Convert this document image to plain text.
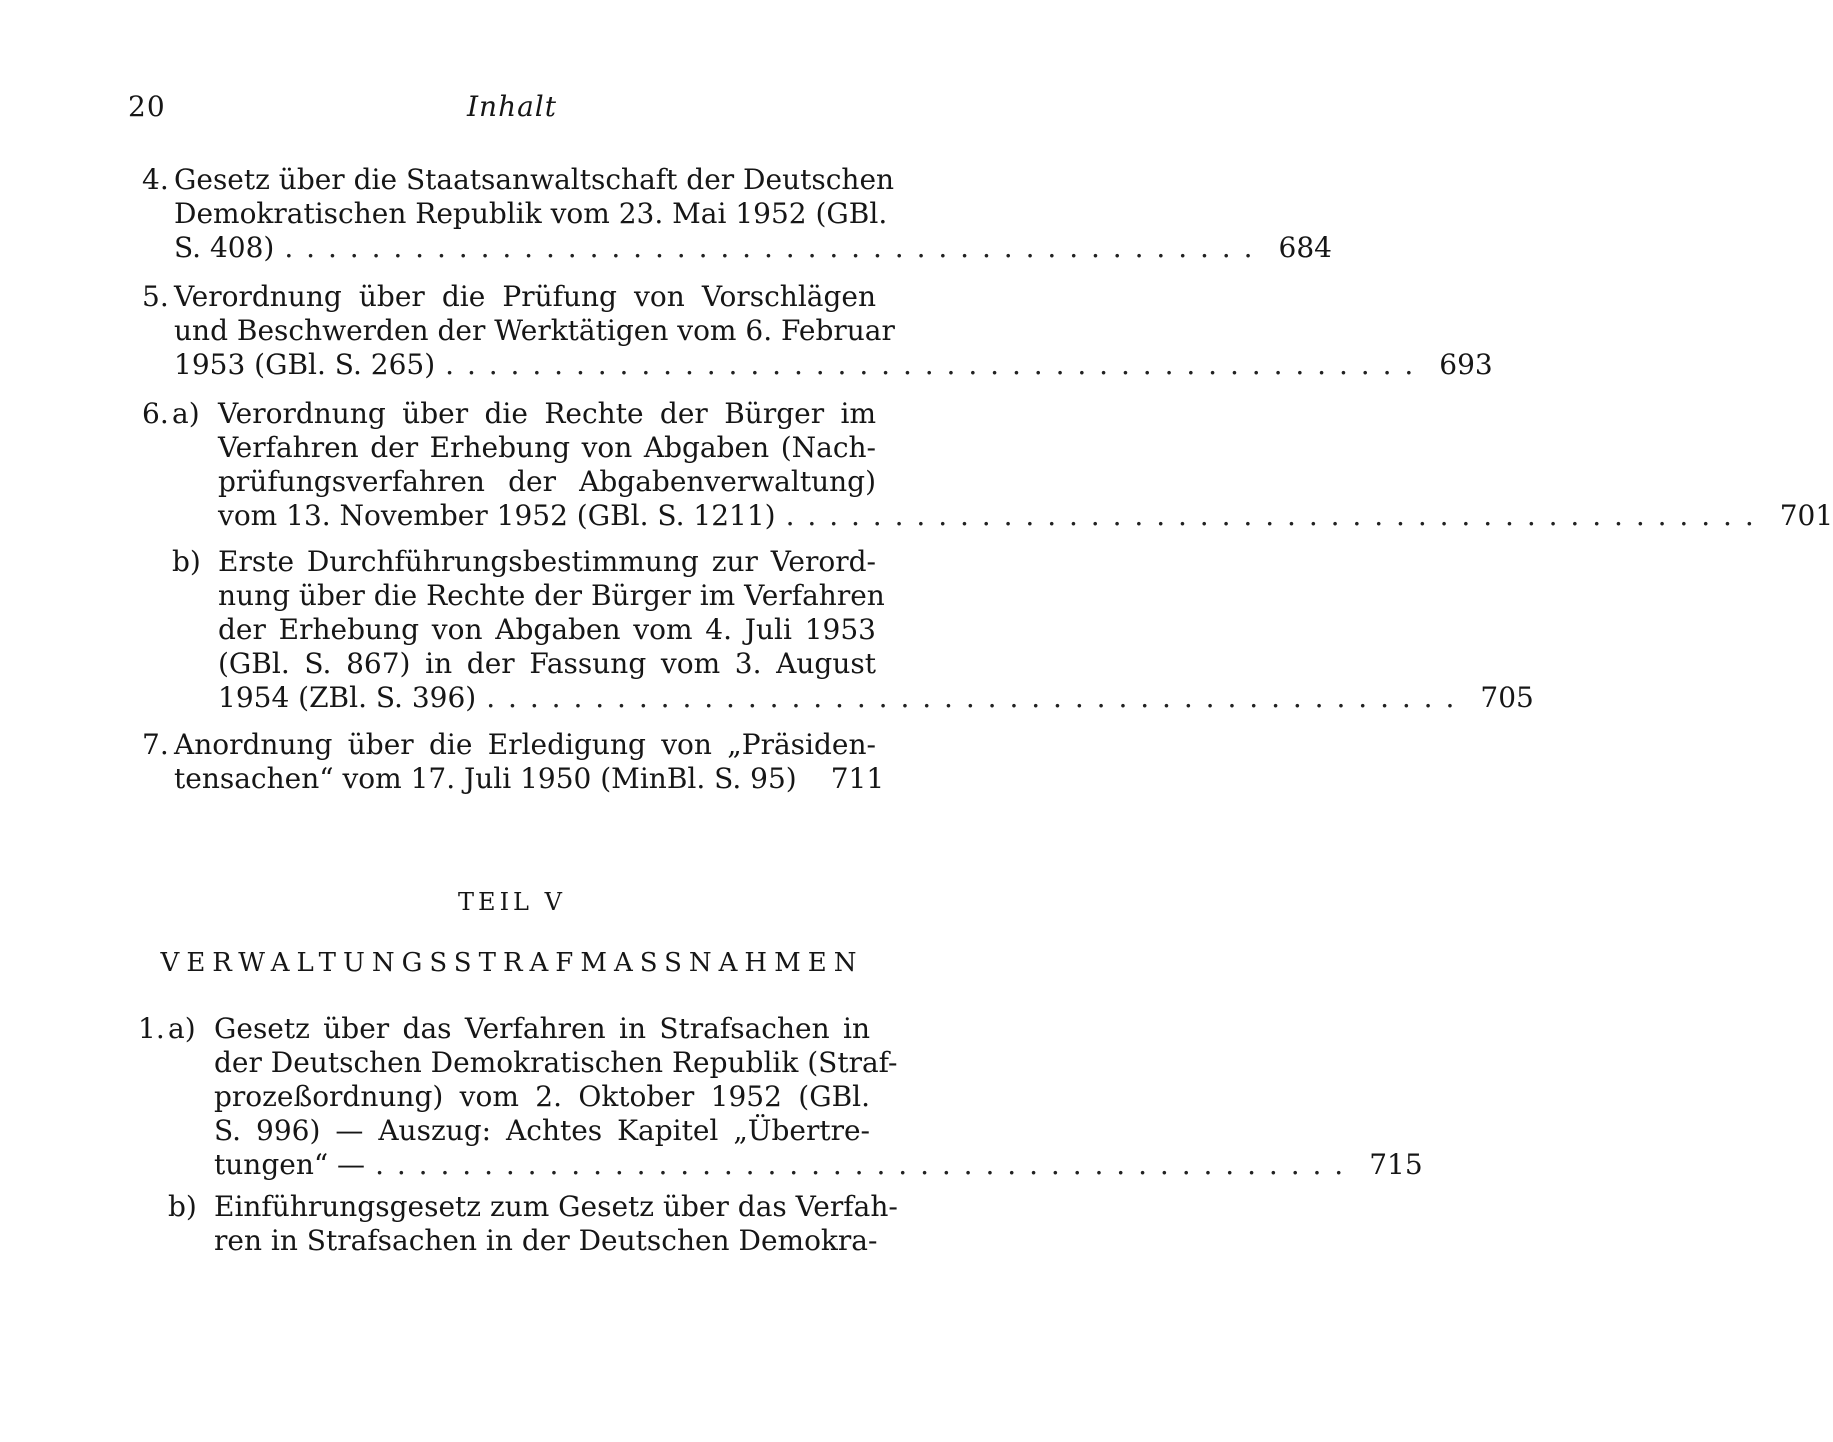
20	Inhalt
4. Gesetz über die Staatsanwaltschaft der Deutschen
Demokratischen Republik vom 23. Mai 1952 (GBl.
S. 408) . . . . . . . . . . . . . . . . . . . . . . . . . . . . . . . . . . . . . . . . . . . . . 684
5. Verordnung über die Prüfung von Vorschlägen
und Beschwerden der Werktätigen vom 6. Februar
1953 (GBl. S. 265) . . . . . . . . . . . . . . . . . . . . . . . . . . . . . . . . . . . . . . . . . . . . . 693
6. a) Verordnung über die Rechte der Bürger im
Verfahren der Erhebung von Abgaben (Nach-
prüfungsverfahren der Abgabenverwaltung)
vom 13. November 1952 (GBl. S. 1211) . . . . . . . . . . . . . . . . . . . . . . . . . . . . . . . . . . . . . . . . . . . . . 701
b) Erste Durchführungsbestimmung zur Verord-
nung über die Rechte der Bürger im Verfahren
der Erhebung von Abgaben vom 4. Juli 1953
(GBl. S. 867) in der Fassung vom 3. August
1954 (ZBl. S. 396) . . . . . . . . . . . . . . . . . . . . . . . . . . . . . . . . . . . . . . . . . . . . . 705
7. Anordnung über die Erledigung von „Präsiden-
tensachen“ vom 17. Juli 1950 (MinBl. S. 95) 711
TEIL V
VERWALTUNGSSTRAFMASSNAHMEN
1. a) Gesetz über das Verfahren in Strafsachen in
der Deutschen Demokratischen Republik (Straf-
prozeßordnung) vom 2. Oktober 1952 (GBl.
S. 996) — Auszug: Achtes Kapitel „Übertre-
tungen“ — . . . . . . . . . . . . . . . . . . . . . . . . . . . . . . . . . . . . . . . . . . . . . 715
b) Einführungsgesetz zum Gesetz über das Verfah-
ren in Strafsachen in der Deutschen Demokra-
